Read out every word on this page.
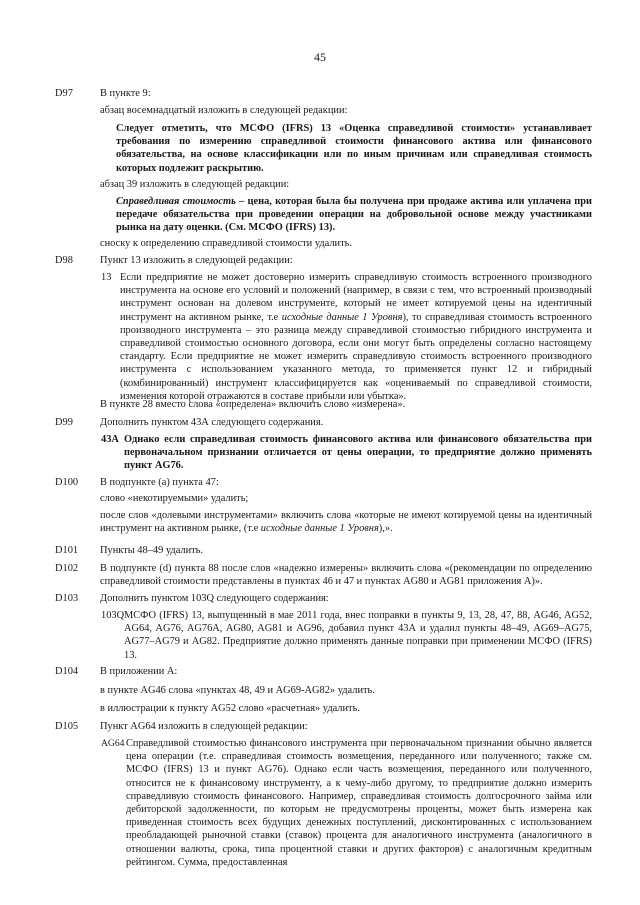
45
D97	В пункте 9:
абзац восемнадцатый изложить в следующей редакции:
Следует отметить, что МСФО (IFRS) 13 «Оценка справедливой стоимости» устанавливает требования по измерению справедливой стоимости финансового актива или финансового обязательства, на основе классификации или по иным причинам или справедливая стоимость которых подлежит раскрытию.
абзац 39 изложить в следующей редакции:
Справедливая стоимость – цена, которая была бы получена при продаже актива или уплачена при передаче обязательства при проведении операции на добровольной основе между участниками рынка на дату оценки. (См. МСФО (IFRS) 13).
сноску к определению справедливой стоимости удалить.
D98	Пункт 13 изложить в следующей редакции:
13 Если предприятие не может достоверно измерить справедливую стоимость встроенного производного инструмента на основе его условий и положений (например, в связи с тем, что встроенный производный инструмент основан на долевом инструменте, который не имеет котируемой цены на идентичный инструмент на активном рынке, т.е исходные данные 1 Уровня), то справедливая стоимость встроенного производного инструмента – это разница между справедливой стоимостью гибридного инструмента и справедливой стоимостью основного договора, если они могут быть определены согласно настоящему стандарту. Если предприятие не может измерить справедливую стоимость встроенного производного инструмента с использованием указанного метода, то применяется пункт 12 и гибридный (комбинированный) инструмент классифицируется как «оцениваемый по справедливой стоимости, изменения которой отражаются в составе прибыли или убытка».
В пункте 28 вместо слова «определена» включить слово «измерена».
D99	Дополнить пунктом 43А следующего содержания.
43A Однако если справедливая стоимость финансового актива или финансового обязательства при первоначальном признании отличается от цены операции, то предприятие должно применять пункт AG76.
D100 В подпункте (а) пункта 47:
слово «некотируемыми» удалить;
после слов «долевыми инструментами» включить слова «которые не имеют котируемой цены на идентичный инструмент на активном рынке, (т.е исходные данные 1 Уровня),».
D101 Пункты 48–49 удалить.
D102 В подпункте (d) пункта 88 после слов «надежно измерены» включить слова «(рекомендации по определению справедливой стоимости представлены в пунктах 46 и 47 и пунктах AG80 и AG81 приложения А)».
D103 Дополнить пунктом 103Q следующего содержания:
103Q МСФО (IFRS) 13, выпущенный в мае 2011 года, внес поправки в пункты 9, 13, 28, 47, 88, AG46, AG52, AG64, AG76, AG76A, AG80, AG81 и AG96, добавил пункт 43А и удалил пункты 48–49, AG69–AG75, AG77–AG79 и AG82. Предприятие должно применять данные поправки при применении МСФО (IFRS) 13.
D104 В приложении А:
в пункте AG46 слова «пунктах 48, 49 и AG69-AG82» удалить.
в иллюстрации к пункту AG52 слово «расчетная» удалить.
D105 Пункт AG64 изложить в следующей редакции:
AG64 Справедливой стоимостью финансового инструмента при первоначальном признании обычно является цена операции (т.е. справедливая стоимость возмещения, переданного или полученного; также см. МСФО (IFRS) 13 и пункт AG76). Однако если часть возмещения, переданного или полученного, относится не к финансовому инструменту, а к чему-либо другому, то предприятие должно измерить справедливую стоимость финансового. Например, справедливая стоимость долгосрочного займа или дебиторской задолженности, по которым не предусмотрены проценты, может быть измерена как приведенная стоимость всех будущих денежных поступлений, дисконтированных с использованием преобладающей рыночной ставки (ставок) процента для аналогичного инструмента (аналогичного в отношении валюты, срока, типа процентной ставки и других факторов) с аналогичным кредитным рейтингом. Сумма, предоставленная
